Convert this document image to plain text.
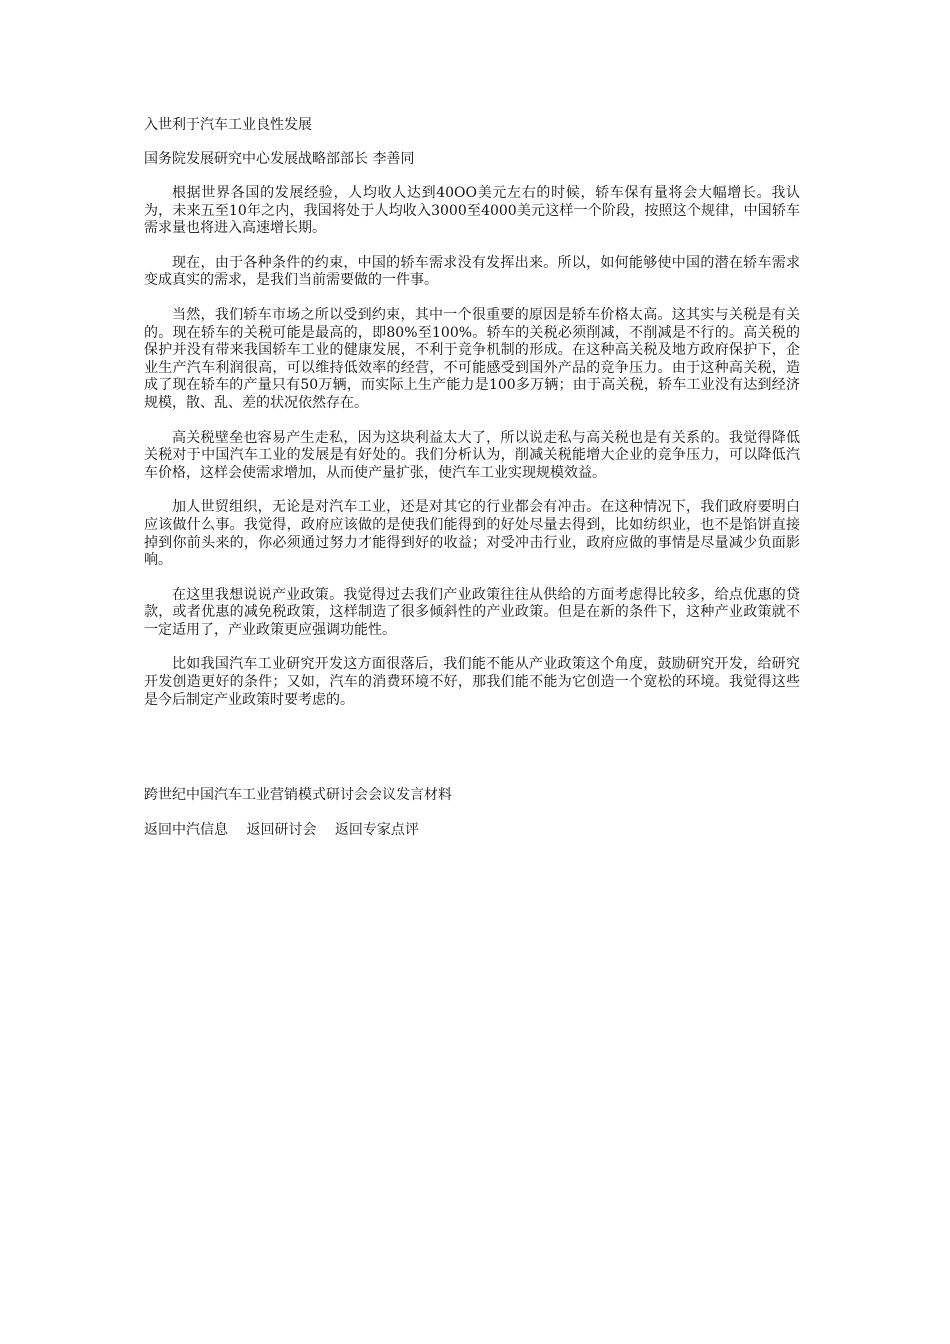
入世利于汽车工业良性发展
国务院发展研究中心发展战略部部长 李善同

根据世界各国的发展经验，人均收人达到40OO美元左右的时候，轿车保有量将会大幅增长。我认为，未来五至10年之内，我国将处于人均收入3000至4000美元这样一个阶段，按照这个规律，中国轿车需求量也将进入高速增长期。

现在，由于各种条件的约束，中国的轿车需求没有发挥出来。所以，如何能够使中国的潜在轿车需求变成真实的需求，是我们当前需要做的一件事。

当然，我们轿车市场之所以受到约束，其中一个很重要的原因是轿车价格太高。这其实与关税是有关的。现在轿车的关税可能是最高的，即80%至100%。轿车的关税必须削减，不削减是不行的。高关税的保护并没有带来我国轿车工业的健康发展，不利于竞争机制的形成。在这种高关税及地方政府保护下，企业生产汽车利润很高，可以维持低效率的经营，不可能感受到国外产品的竞争压力。由于这种高关税，造成了现在轿车的产量只有50万辆，而实际上生产能力是100多万辆；由于高关税，轿车工业没有达到经济规模，散、乱、差的状况依然存在。

高关税壁垒也容易产生走私，因为这块利益太大了，所以说走私与高关税也是有关系的。我觉得降低关税对于中国汽车工业的发展是有好处的。我们分析认为，削减关税能增大企业的竞争压力，可以降低汽车价格，这样会使需求增加，从而使产量扩张，使汽车工业实现规模效益。

加人世贸组织，无论是对汽车工业，还是对其它的行业都会有冲击。在这种情况下，我们政府要明白应该做什么事。我觉得，政府应该做的是使我们能得到的好处尽量去得到，比如纺织业，也不是馅饼直接掉到你前头来的，你必须通过努力才能得到好的收益；对受冲击行业，政府应做的事情是尽量减少负面影响。

在这里我想说说产业政策。我觉得过去我们产业政策往往从供给的方面考虑得比较多，给点优惠的贷款，或者优惠的减免税政策，这样制造了很多倾斜性的产业政策。但是在新的条件下，这种产业政策就不一定适用了，产业政策更应强调功能性。

比如我国汽车工业研究开发这方面很落后，我们能不能从产业政策这个角度，鼓励研究开发，给研究开发创造更好的条件；又如，汽车的消费环境不好，那我们能不能为它创造一个宽松的环境。我觉得这些是今后制定产业政策时要考虑的。

跨世纪中国汽车工业营销模式研讨会会议发言材料
返回中汽信息 返回研讨会 返回专家点评
